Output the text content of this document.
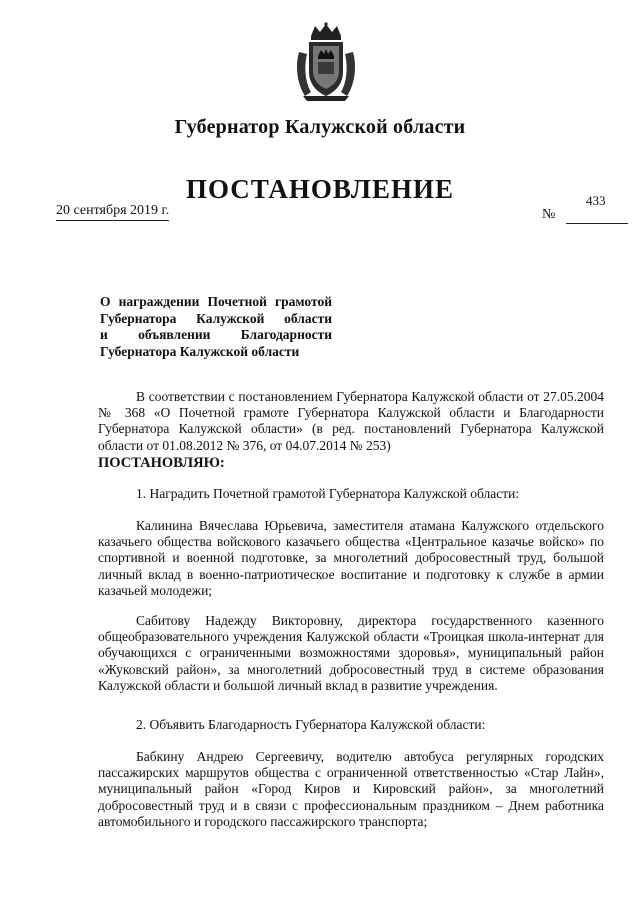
Губернатор Калужской области
ПОСТАНОВЛЕНИЕ
20 сентября 2019 г.	№
433
О награждении Почетной грамотой
Губернатора Калужской области
и объявлении Благодарности
Губернатора Калужской области
В соответствии с постановлением Губернатора Калужской области от 27.05.2004 № 368 «О Почетной грамоте Губернатора Калужской области и Благодарности Губернатора Калужской области» (в ред. постановлений Губернатора Калужской области от 01.08.2012 № 376, от 04.07.2014 № 253)
ПОСТАНОВЛЯЮ:
1. Наградить Почетной грамотой Губернатора Калужской области:
Калинина Вячеслава Юрьевича, заместителя атамана Калужского отдельского казачьего общества войскового казачьего общества «Центральное казачье войско» по спортивной и военной подготовке, за многолетний добросовестный труд, большой личный вклад в военно-патриотическое воспитание и подготовку к службе в армии казачьей молодежи;
Сабитову Надежду Викторовну, директора государственного казенного общеобразовательного учреждения Калужской области «Троицкая школа-интернат для обучающихся с ограниченными возможностями здоровья», муниципальный район «Жуковский район», за многолетний добросовестный труд в системе образования Калужской области и большой личный вклад в развитие учреждения.
2. Объявить Благодарность Губернатора Калужской области:
Бабкину Андрею Сергеевичу, водителю автобуса регулярных городских пассажирских маршрутов общества с ограниченной ответственностью «Стар Лайн», муниципальный район «Город Киров и Кировский район», за многолетний добросовестный труд и в связи с профессиональным праздником – Днем работника автомобильного и городского пассажирского транспорта;
